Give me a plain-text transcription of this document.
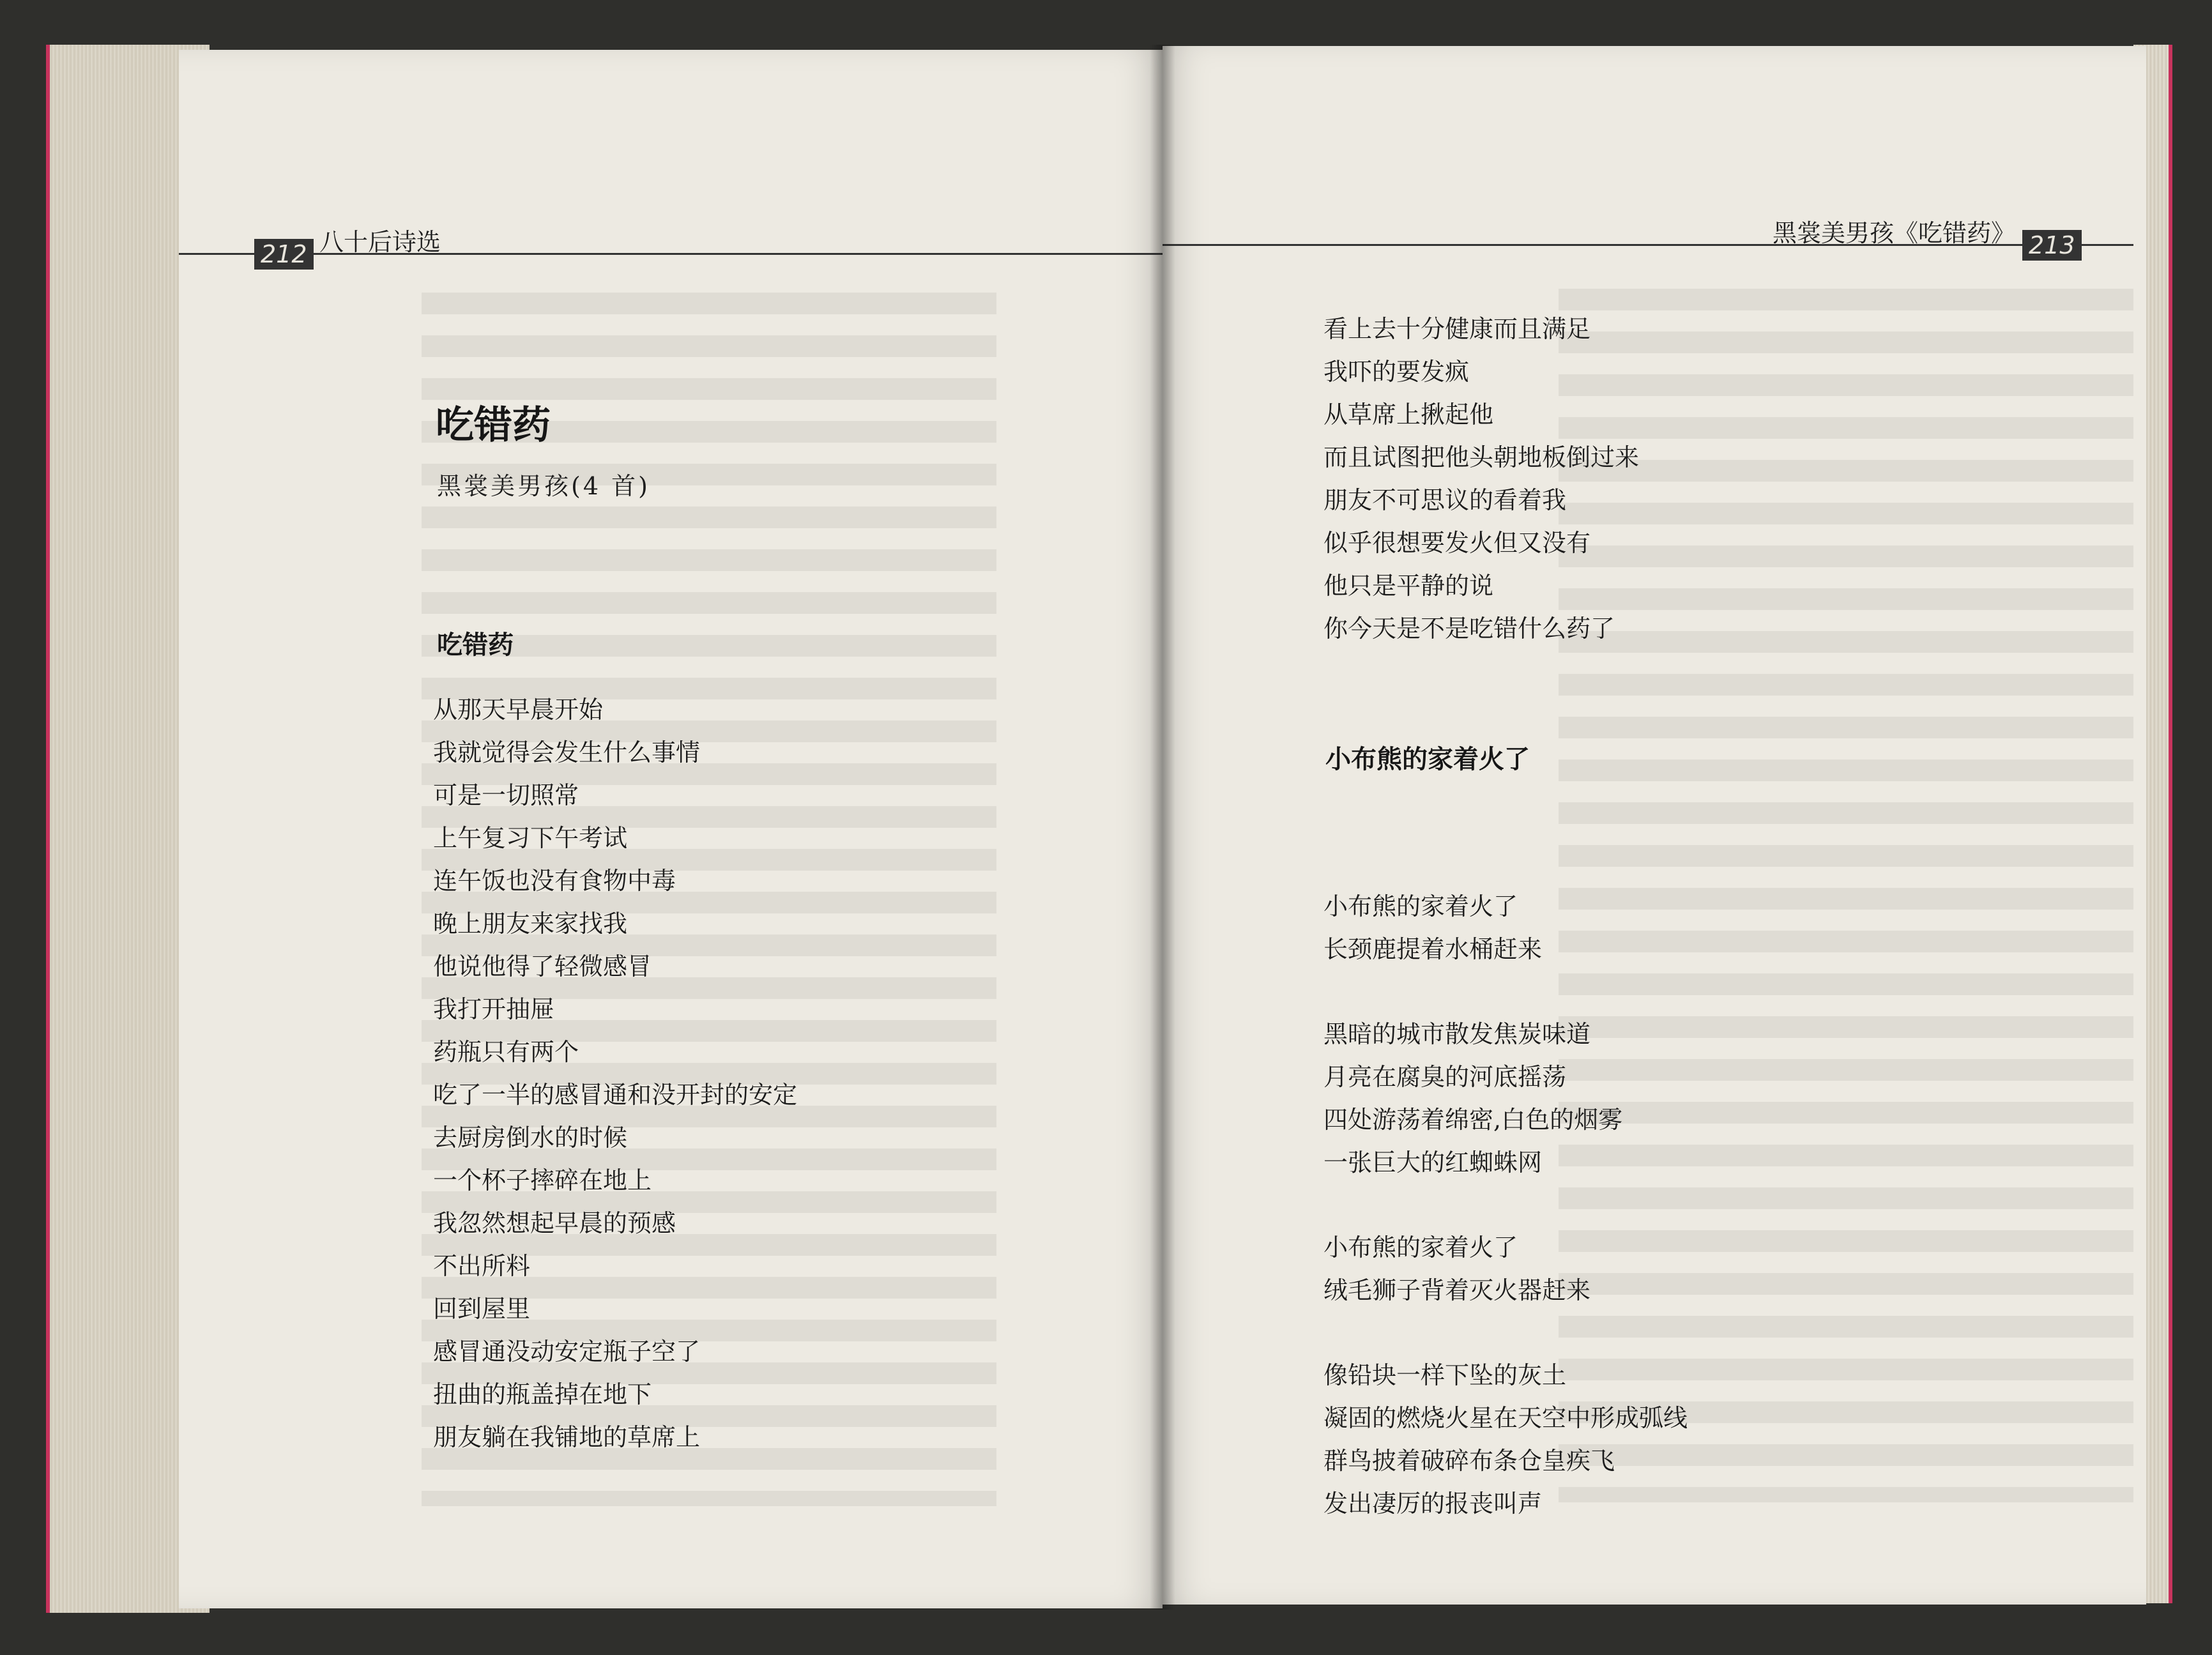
212 八十后诗选
吃错药
黑裳美男孩(4 首)
吃错药
从那天早晨开始
我就觉得会发生什么事情
可是一切照常
上午复习下午考试
连午饭也没有食物中毒
晚上朋友来家找我
他说他得了轻微感冒
我打开抽屉
药瓶只有两个
吃了一半的感冒通和没开封的安定
去厨房倒水的时候
一个杯子摔碎在地上
我忽然想起早晨的预感
不出所料
回到屋里
感冒通没动安定瓶子空了
扭曲的瓶盖掉在地下
朋友躺在我铺地的草席上
黑裳美男孩《吃错药》 213
看上去十分健康而且满足
我吓的要发疯
从草席上揪起他
而且试图把他头朝地板倒过来
朋友不可思议的看着我
似乎很想要发火但又没有
他只是平静的说
你今天是不是吃错什么药了
小布熊的家着火了
小布熊的家着火了
长颈鹿提着水桶赶来
黑暗的城市散发焦炭味道
月亮在腐臭的河底摇荡
四处游荡着绵密,白色的烟雾
一张巨大的红蜘蛛网
小布熊的家着火了
绒毛狮子背着灭火器赶来
像铅块一样下坠的灰土
凝固的燃烧火星在天空中形成弧线
群鸟披着破碎布条仓皇疾飞
发出凄厉的报丧叫声
